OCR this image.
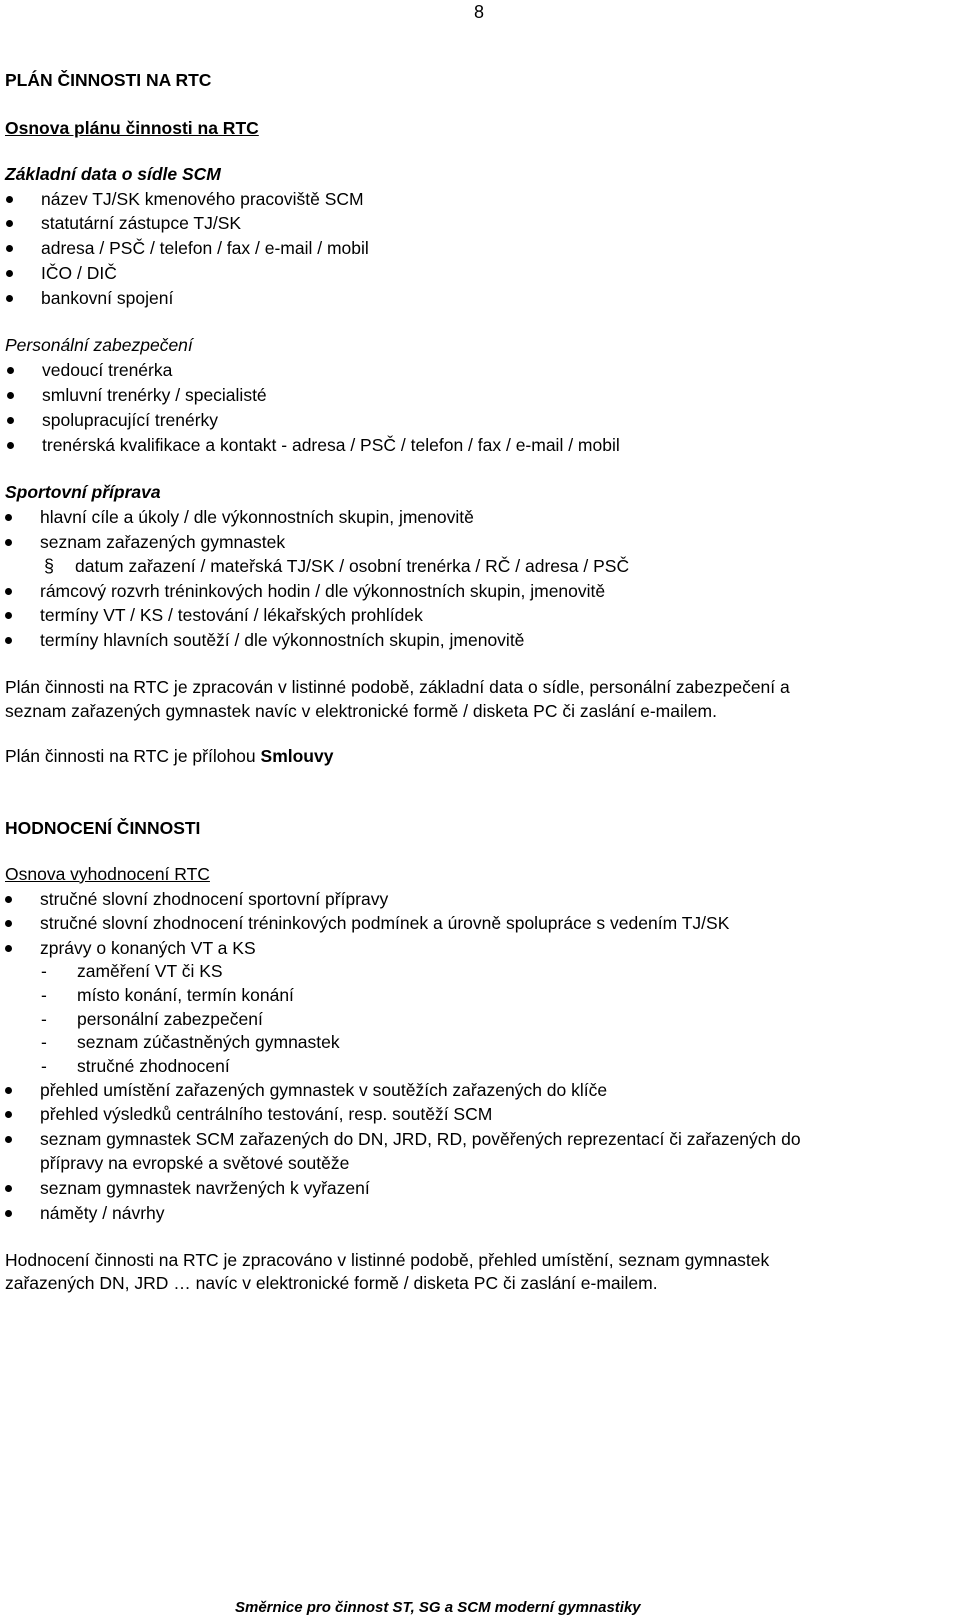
8
PLÁN ČINNOSTI NA RTC
Osnova plánu činnosti na RTC
Základní data o sídle SCM
název TJ/SK kmenového pracoviště SCM
statutární zástupce TJ/SK
adresa / PSČ / telefon / fax / e-mail / mobil
IČO / DIČ
bankovní spojení
Personální zabezpečení
vedoucí trenérka
smluvní trenérky / specialisté
spolupracující trenérky
trenérská kvalifikace a kontakt - adresa / PSČ / telefon / fax / e-mail / mobil
Sportovní příprava
hlavní cíle a úkoly / dle výkonnostních skupin, jmenovitě
seznam zařazených gymnastek
§ datum zařazení / mateřská TJ/SK / osobní trenérka / RČ / adresa / PSČ
rámcový rozvrh tréninkových hodin / dle výkonnostních skupin, jmenovitě
termíny VT / KS / testování / lékařských prohlídek
termíny hlavních soutěží / dle výkonnostních skupin, jmenovitě
Plán činnosti na RTC je zpracován v listinné podobě, základní data o sídle, personální zabezpečení a
seznam zařazených gymnastek navíc v elektronické formě / disketa PC či zaslání e-mailem.
Plán činnosti na RTC je přílohou Smlouvy
HODNOCENÍ ČINNOSTI
Osnova vyhodnocení RTC
stručné slovní zhodnocení sportovní přípravy
stručné slovní zhodnocení tréninkových podmínek a úrovně spolupráce s vedením TJ/SK
zprávy o konaných VT a KS
- zaměření VT či KS
- místo konání, termín konání
- personální zabezpečení
- seznam zúčastněných gymnastek
- stručné zhodnocení
přehled umístění zařazených gymnastek v soutěžích zařazených do klíče
přehled výsledků centrálního testování, resp. soutěží SCM
seznam gymnastek SCM zařazených do DN, JRD, RD, pověřených reprezentací či zařazených do
přípravy na evropské a světové soutěže
seznam gymnastek navržených k vyřazení
náměty / návrhy
Hodnocení činnosti na RTC je zpracováno v listinné podobě, přehled umístění, seznam gymnastek
zařazených DN, JRD … navíc v elektronické formě / disketa PC či zaslání e-mailem.
Směrnice pro činnost ST, SG a SCM moderní gymnastiky
